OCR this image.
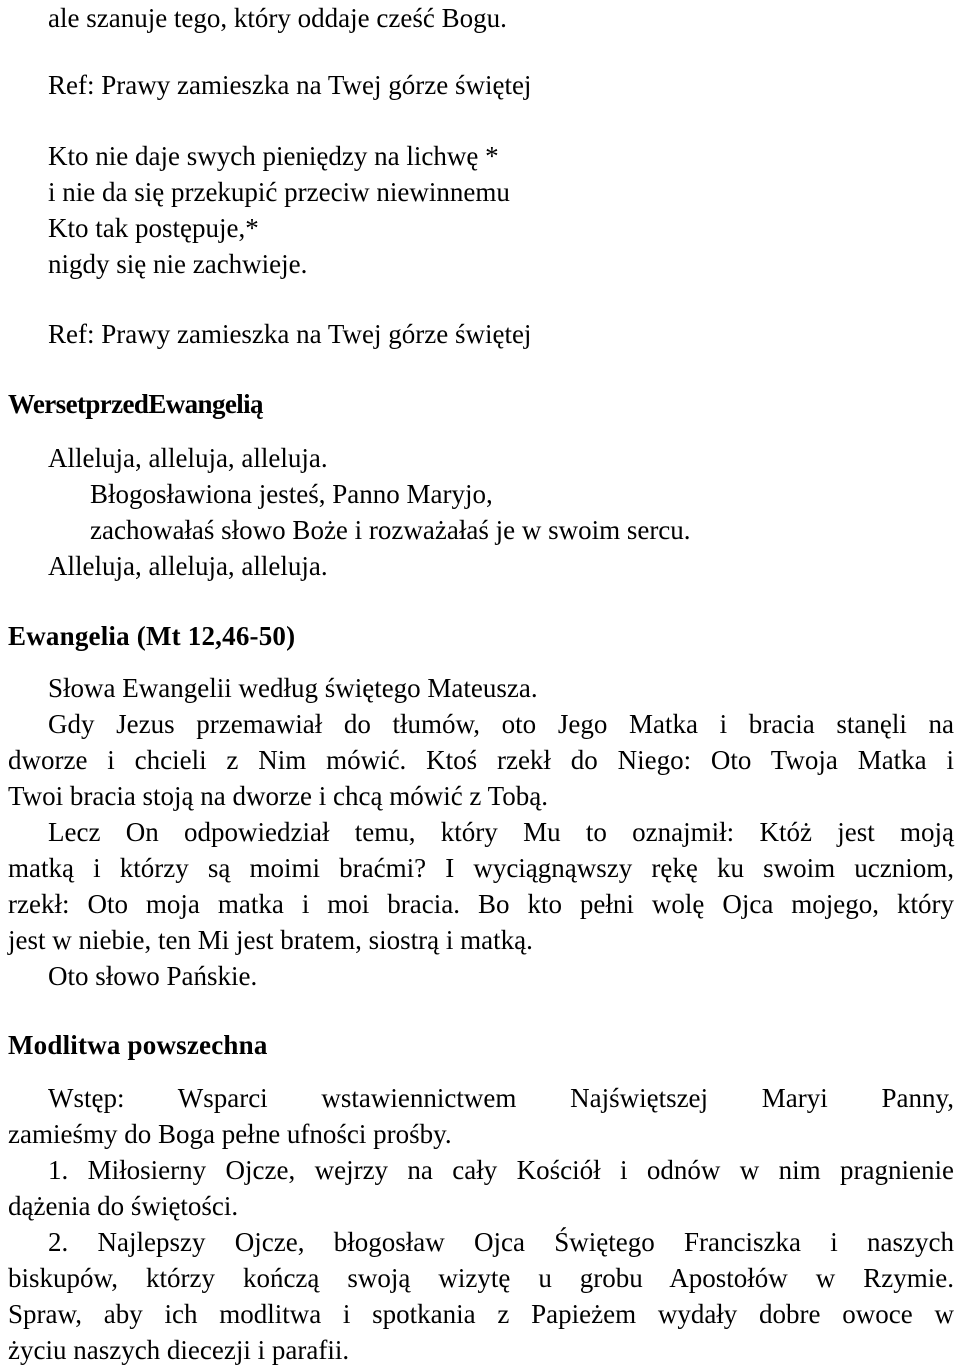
ale szanuje tego, który oddaje cześć Bogu.
Ref: Prawy zamieszka na Twej górze świętej
Kto nie daje swych pieniędzy na lichwę *
i nie da się przekupić przeciw niewinnemu
Kto tak postępuje,*
nigdy się nie zachwieje.
Ref: Prawy zamieszka na Twej górze świętej
WersetprzedEwangelią
Alleluja, alleluja, alleluja.
Błogosławiona jesteś, Panno Maryjo,
zachowałaś słowo Boże i rozważałaś je w swoim sercu.
Alleluja, alleluja, alleluja.
Ewangelia (Mt 12,46-50)
Słowa Ewangelii według świętego Mateusza.
Gdy Jezus przemawiał do tłumów, oto Jego Matka i bracia stanęli na
dworze i chcieli z Nim mówić. Ktoś rzekł do Niego: Oto Twoja Matka i
Twoi bracia stoją na dworze i chcą mówić z Tobą.
Lecz On odpowiedział temu, który Mu to oznajmił: Któż jest moją
matką i którzy są moimi braćmi? I wyciągnąwszy rękę ku swoim uczniom,
rzekł: Oto moja matka i moi bracia. Bo kto pełni wolę Ojca mojego, który
jest w niebie, ten Mi jest bratem, siostrą i matką.
Oto słowo Pańskie.
Modlitwa powszechna
Wstęp: Wsparci wstawiennictwem Najświętszej Maryi Panny,
zamieśmy do Boga pełne ufności prośby.
1. Miłosierny Ojcze, wejrzy na cały Kościół i odnów w nim pragnienie
dążenia do świętości.
2. Najlepszy Ojcze, błogosław Ojca Świętego Franciszka i naszych
biskupów, którzy kończą swoją wizytę u grobu Apostołów w Rzymie.
Spraw, aby ich modlitwa i spotkania z Papieżem wydały dobre owoce w
życiu naszych diecezji i parafii.
